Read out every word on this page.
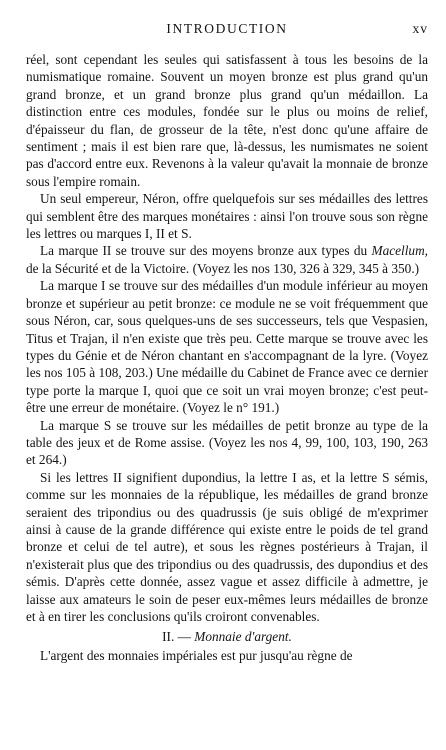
INTRODUCTION	xv

réel, sont cependant les seules qui satisfassent à tous les besoins de la numismatique romaine. Souvent un moyen bronze est plus grand qu'un grand bronze, et un grand bronze plus grand qu'un médaillon. La distinction entre ces modules, fondée sur le plus ou moins de relief, d'épaisseur du flan, de grosseur de la tête, n'est donc qu'une affaire de sentiment ; mais il est bien rare que, là-dessus, les numismates ne soient pas d'accord entre eux. Revenons à la valeur qu'avait la monnaie de bronze sous l'empire romain.

Un seul empereur, Néron, offre quelquefois sur ses médailles des lettres qui semblent être des marques monétaires : ainsi l'on trouve sous son règne les lettres ou marques I, II et S.

La marque II se trouve sur des moyens bronze aux types du Macellum, de la Sécurité et de la Victoire. (Voyez les nos 130, 326 à 329, 345 à 350.)

La marque I se trouve sur des médailles d'un module inférieur au moyen bronze et supérieur au petit bronze: ce module ne se voit fréquemment que sous Néron, car, sous quelques-uns de ses successeurs, tels que Vespasien, Titus et Trajan, il n'en existe que très peu. Cette marque se trouve avec les types du Génie et de Néron chantant en s'accompagnant de la lyre. (Voyez les nos 105 à 108, 203.) Une médaille du Cabinet de France avec ce dernier type porte la marque I, quoi que ce soit un vrai moyen bronze; c'est peut-être une erreur de monétaire. (Voyez le n° 191.)

La marque S se trouve sur les médailles de petit bronze au type de la table des jeux et de Rome assise. (Voyez les nos 4, 99, 100, 103, 190, 263 et 264.)

Si les lettres II signifient dupondius, la lettre I as, et la lettre S sémis, comme sur les monnaies de la république, les médailles de grand bronze seraient des tripondius ou des quadrussis (je suis obligé de m'exprimer ainsi à cause de la grande différence qui existe entre le poids de tel grand bronze et celui de tel autre), et sous les règnes postérieurs à Trajan, il n'existerait plus que des tripondius ou des quadrussis, des dupondius et des sémis. D'après cette donnée, assez vague et assez difficile à admettre, je laisse aux amateurs le soin de peser eux-mêmes leurs médailles de bronze et à en tirer les conclusions qu'ils croiront convenables.

II. — Monnaie d'argent.

L'argent des monnaies impériales est pur jusqu'au règne de
